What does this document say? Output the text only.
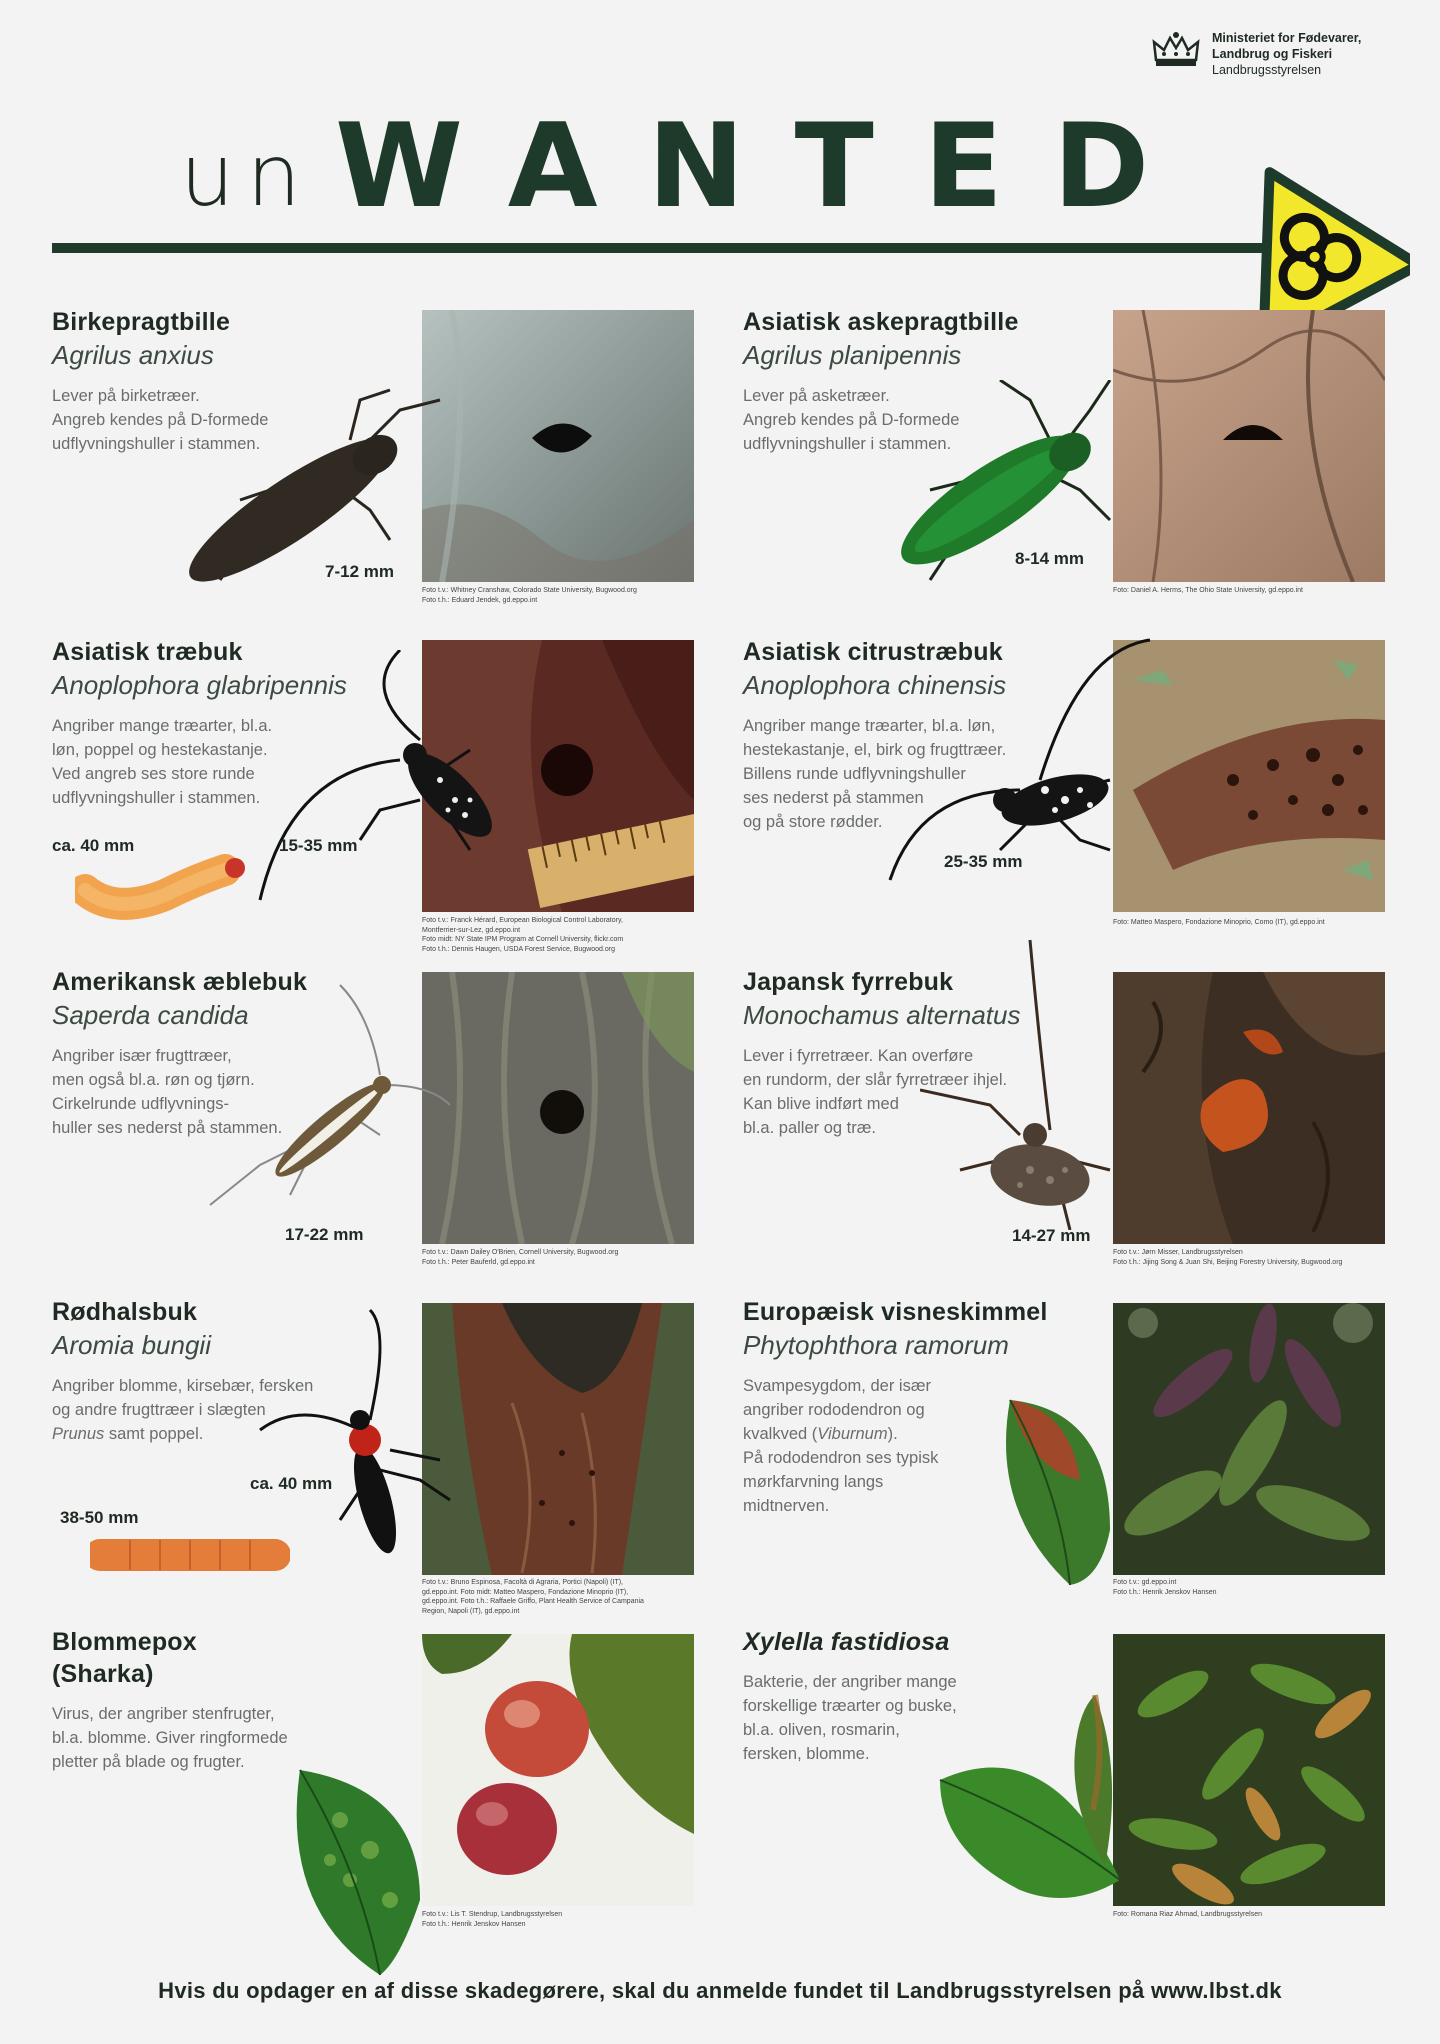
Ministeriet for Fødevarer,
Landbrug og Fiskeri
Landbrugsstyrelsen
un WANTED
Birkepragtbille
Agrilus anxius
Lever på birketræer.
Angreb kendes på D-formede
udflyvningshuller i stammen.
7-12 mm
Foto t.v.: Whitney Cranshaw, Colorado State University, Bugwood.org
Foto t.h.: Eduard Jendek, gd.eppo.int
Asiatisk askepragtbille
Agrilus planipennis
Lever på asketræer.
Angreb kendes på D-formede
udflyvningshuller i stammen.
8-14 mm
Foto: Daniel A. Herms, The Ohio State University, gd.eppo.int
Asiatisk træbuk
Anoplophora glabripennis
Angriber mange træarter, bl.a.
løn, poppel og hestekastanje.
Ved angreb ses store runde
udflyvningshuller i stammen.
ca. 40 mm	15-35 mm
Foto t.v.: Franck Hérard, European Biological Control Laboratory,
Montferrier-sur-Lez, gd.eppo.int
Foto midt: NY State IPM Program at Cornell University, flickr.com
Foto t.h.: Dennis Haugen, USDA Forest Service, Bugwood.org
Asiatisk citrustræbuk
Anoplophora chinensis
Angriber mange træarter, bl.a. løn,
hestekastanje, el, birk og frugttræer.
Billens runde udflyvningshuller
ses nederst på stammen
og på store rødder.
25-35 mm
Foto: Matteo Maspero, Fondazione Minoprio, Como (IT), gd.eppo.int
Amerikansk æblebuk
Saperda candida
Angriber især frugttræer,
men også bl.a. røn og tjørn.
Cirkelrunde udflyvnings-
huller ses nederst på stammen.
17-22 mm
Foto t.v.: Dawn Dailey O'Brien, Cornell University, Bugwood.org
Foto t.h.: Peter Bauferld, gd.eppo.int
Japansk fyrrebuk
Monochamus alternatus
Lever i fyrretræer. Kan overføre
en rundorm, der slår fyrretræer ihjel.
Kan blive indført med
bl.a. paller og træ.
14-27 mm
Foto t.v.: Jørn Misser, Landbrugsstyrelsen
Foto t.h.: Jijing Song & Juan Shi, Beijing Forestry University, Bugwood.org
Rødhalsbuk
Aromia bungii
Angriber blomme, kirsebær, fersken
og andre frugttræer i slægten
Prunus samt poppel.
ca. 40 mm
38-50 mm
Foto t.v.: Bruno Espinosa, Facoltà di Agraria, Portici (Napoli) (IT),
gd.eppo.int. Foto midt: Matteo Maspero, Fondazione Minoprio (IT),
gd.eppo.int. Foto t.h.: Raffaele Griffo, Plant Health Service of Campania
Region, Napoli (IT), gd.eppo.int
Europæisk visneskimmel
Phytophthora ramorum
Svampesygdom, der især
angriber rododendron og
kvalkved (Viburnum).
På rododendron ses typisk
mørkfarvning langs
midtnerven.
Foto t.v.: gd.eppo.int
Foto t.h.: Henrik Jenskov Hansen
Blommepox
(Sharka)
Virus, der angriber stenfrugter,
bl.a. blomme. Giver ringformede
pletter på blade og frugter.
Foto t.v.: Lis T. Stendrup, Landbrugsstyrelsen
Foto t.h.: Henrik Jenskov Hansen
Xylella fastidiosa
Bakterie, der angriber mange
forskellige træarter og buske,
bl.a. oliven, rosmarin,
fersken, blomme.
Foto: Romana Riaz Ahmad, Landbrugsstyrelsen
Hvis du opdager en af disse skadegørere, skal du anmelde fundet til Landbrugsstyrelsen på www.lbst.dk
